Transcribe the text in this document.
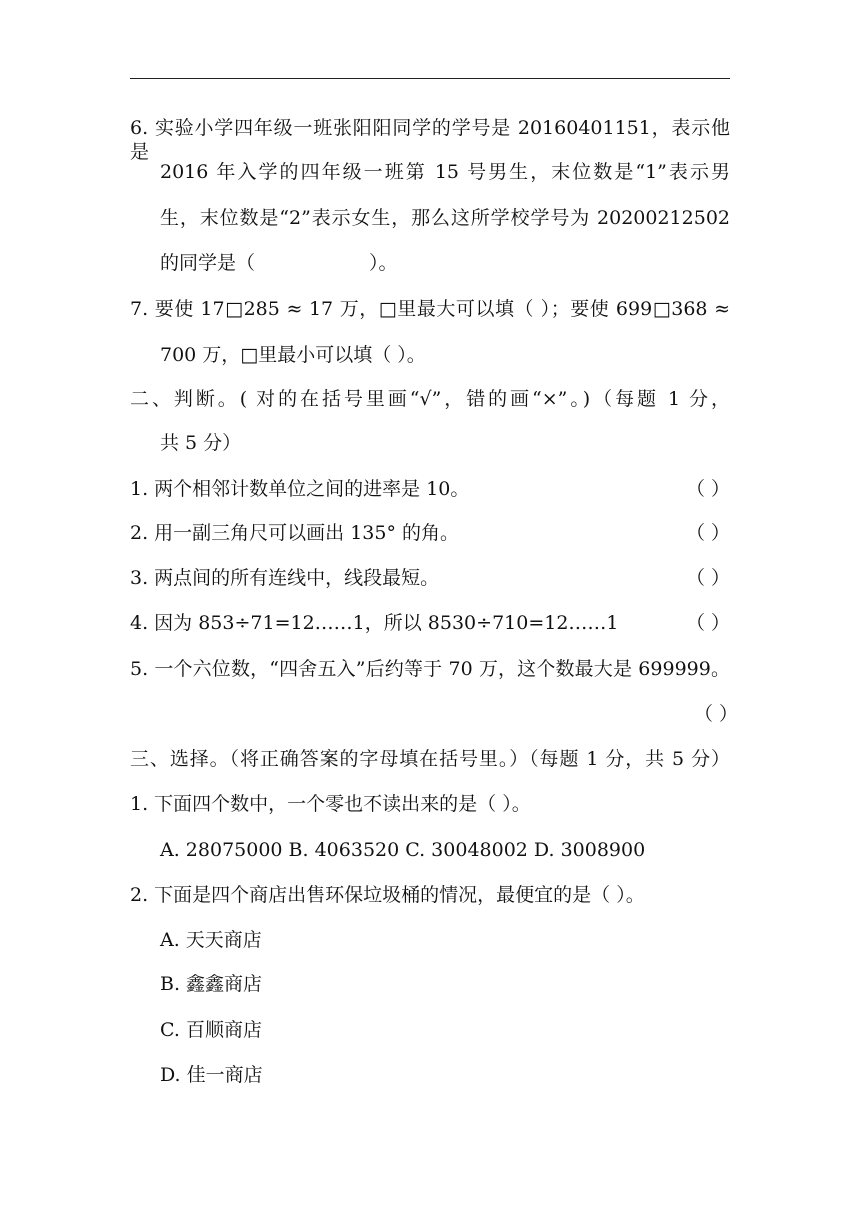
6. 实验小学四年级一班张阳阳同学的学号是 20160401151，表示他是
2016 年入学的四年级一班第 15 号男生，末位数是“1”表示男
生，末位数是“2”表示女生，那么这所学校学号为 20200212502
的同学是（　　　　　　）。
7. 要使 17□285 ≈ 17 万，□里最大可以填（ ）；要使 699□368 ≈
700 万，□里最小可以填（ ）。
二、判断。( 对的在括号里画“√”，错的画“×”。)（每题 1 分，
共 5 分）
1. 两个相邻计数单位之间的进率是 10。	（ ）
2. 用一副三角尺可以画出 135° 的角。	（ ）
3. 两点间的所有连线中，线段最短。	（ ）
4. 因为 853÷71=12……1，所以 8530÷710=12……1	（ ）
5. 一个六位数，“四舍五入”后约等于 70 万，这个数最大是 699999。
（ ）
三、选择。（将正确答案的字母填在括号里。）（每题 1 分，共 5 分）
1. 下面四个数中，一个零也不读出来的是（ ）。
A. 28075000 B. 4063520 C. 30048002 D. 3008900
2. 下面是四个商店出售环保垃圾桶的情况，最便宜的是（ ）。
A. 天天商店
B. 鑫鑫商店
C. 百顺商店
D. 佳一商店
